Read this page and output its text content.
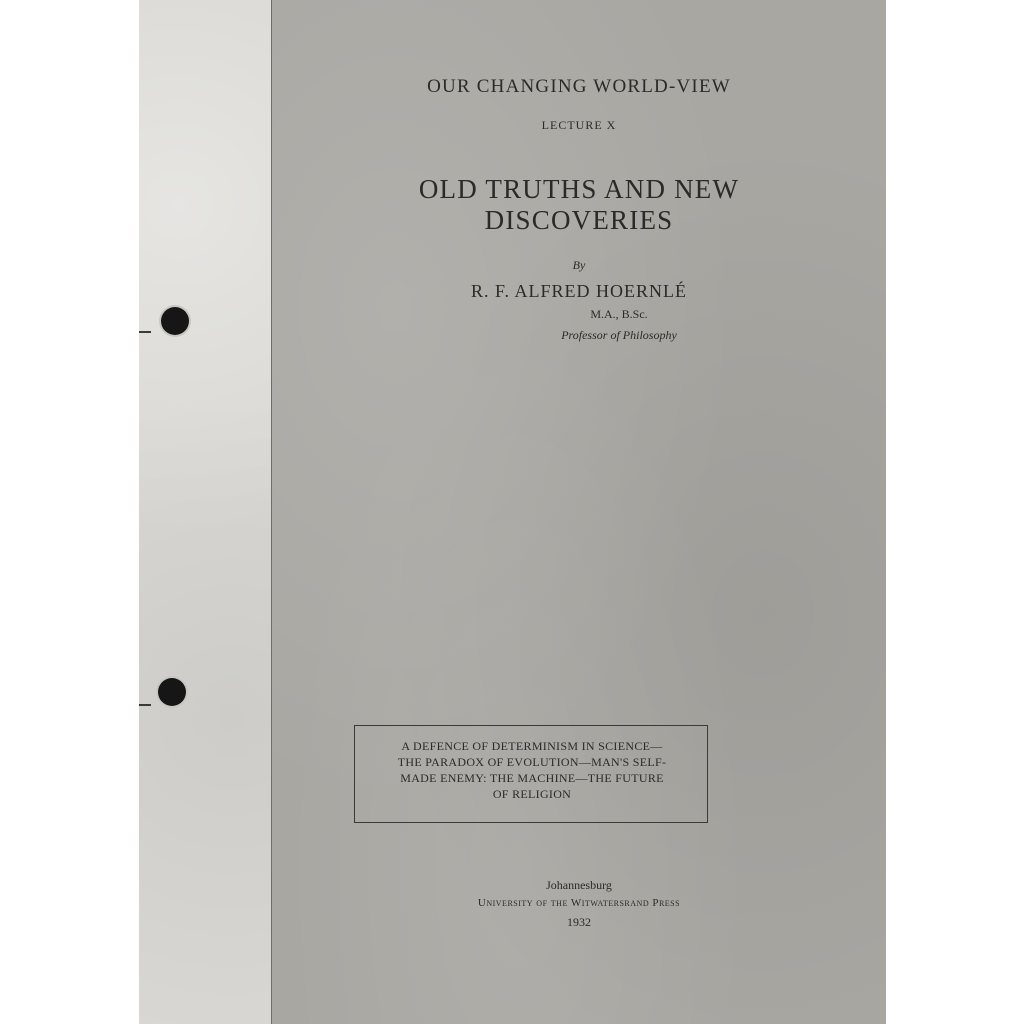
OUR CHANGING WORLD-VIEW
LECTURE X
OLD TRUTHS AND NEW
DISCOVERIES
By
R. F. ALFRED HOERNLÉ
M.A., B.Sc.
Professor of Philosophy
A DEFENCE OF DETERMINISM IN SCIENCE—
THE PARADOX OF EVOLUTION—MAN'S SELF-
MADE ENEMY: THE MACHINE—THE FUTURE
OF RELIGION
Johannesburg
University of the Witwatersrand Press
1932
